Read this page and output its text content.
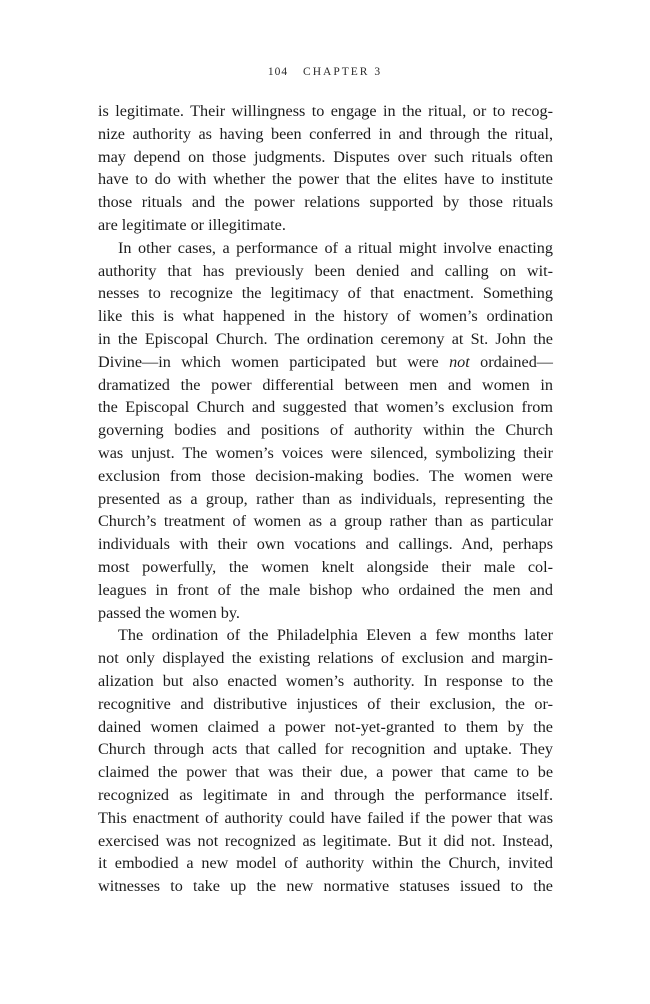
104 CHAPTER 3
is legitimate. Their willingness to engage in the ritual, or to recog-
nize authority as having been conferred in and through the ritual,
may depend on those judgments. Disputes over such rituals often
have to do with whether the power that the elites have to institute
those rituals and the power relations supported by those rituals
are legitimate or illegitimate.
In other cases, a performance of a ritual might involve enacting
authority that has previously been denied and calling on wit-
nesses to recognize the legitimacy of that enactment. Something
like this is what happened in the history of women’s ordination
in the Episcopal Church. The ordination ceremony at St. John the
Divine—in which women participated but were not ordained—
dramatized the power differential between men and women in
the Episcopal Church and suggested that women’s exclusion from
governing bodies and positions of authority within the Church
was unjust. The women’s voices were silenced, symbolizing their
exclusion from those decision-making bodies. The women were
presented as a group, rather than as individuals, representing the
Church’s treatment of women as a group rather than as particular
individuals with their own vocations and callings. And, perhaps
most powerfully, the women knelt alongside their male col-
leagues in front of the male bishop who ordained the men and
passed the women by.
The ordination of the Philadelphia Eleven a few months later
not only displayed the existing relations of exclusion and margin-
alization but also enacted women’s authority. In response to the
recognitive and distributive injustices of their exclusion, the or-
dained women claimed a power not-yet-granted to them by the
Church through acts that called for recognition and uptake. They
claimed the power that was their due, a power that came to be
recognized as legitimate in and through the performance itself.
This enactment of authority could have failed if the power that was
exercised was not recognized as legitimate. But it did not. Instead,
it embodied a new model of authority within the Church, invited
witnesses to take up the new normative statuses issued to the
